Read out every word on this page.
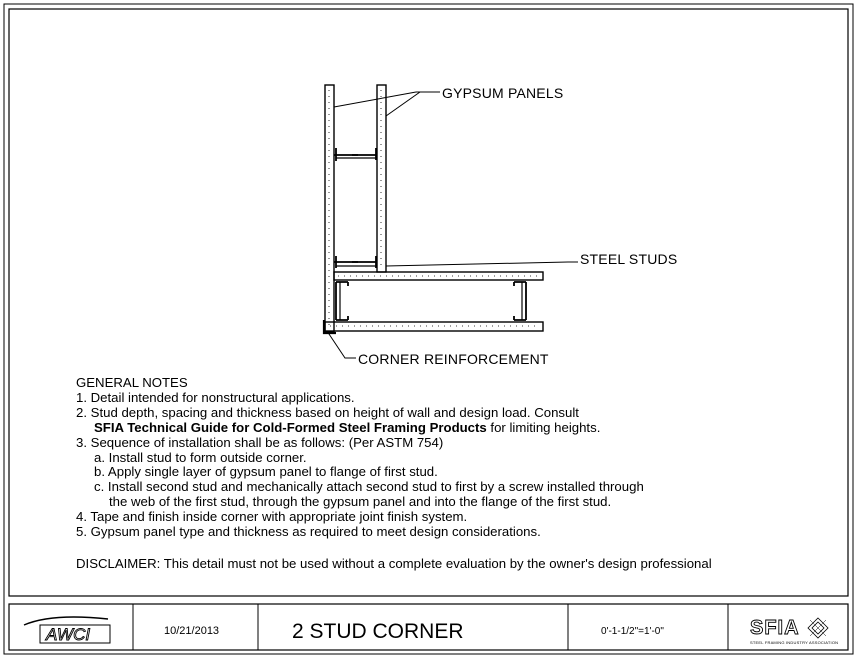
GYPSUM PANELS
STEEL STUDS
CORNER REINFORCEMENT
GENERAL NOTES
1. Detail intended for nonstructural applications.
2. Stud depth, spacing and thickness based on height of wall and design load. Consult
SFIA Technical Guide for Cold-Formed Steel Framing Products for limiting heights.
3. Sequence of installation shall be as follows: (Per ASTM 754)
a. Install stud to form outside corner.
b. Apply single layer of gypsum panel to flange of first stud.
c. Install second stud and mechanically attach second stud to first by a screw installed through
the web of the first stud, through the gypsum panel and into the flange of the first stud.
4. Tape and finish inside corner with appropriate joint finish system.
5. Gypsum panel type and thickness as required to meet design considerations.
DISCLAIMER: This detail must not be used without a complete evaluation by the owner's design professional
AWCI	10/21/2013	2 STUD CORNER	0'-1-1/2"=1'-0"	SFIA
STEEL FRAMING INDUSTRY ASSOCIATION
